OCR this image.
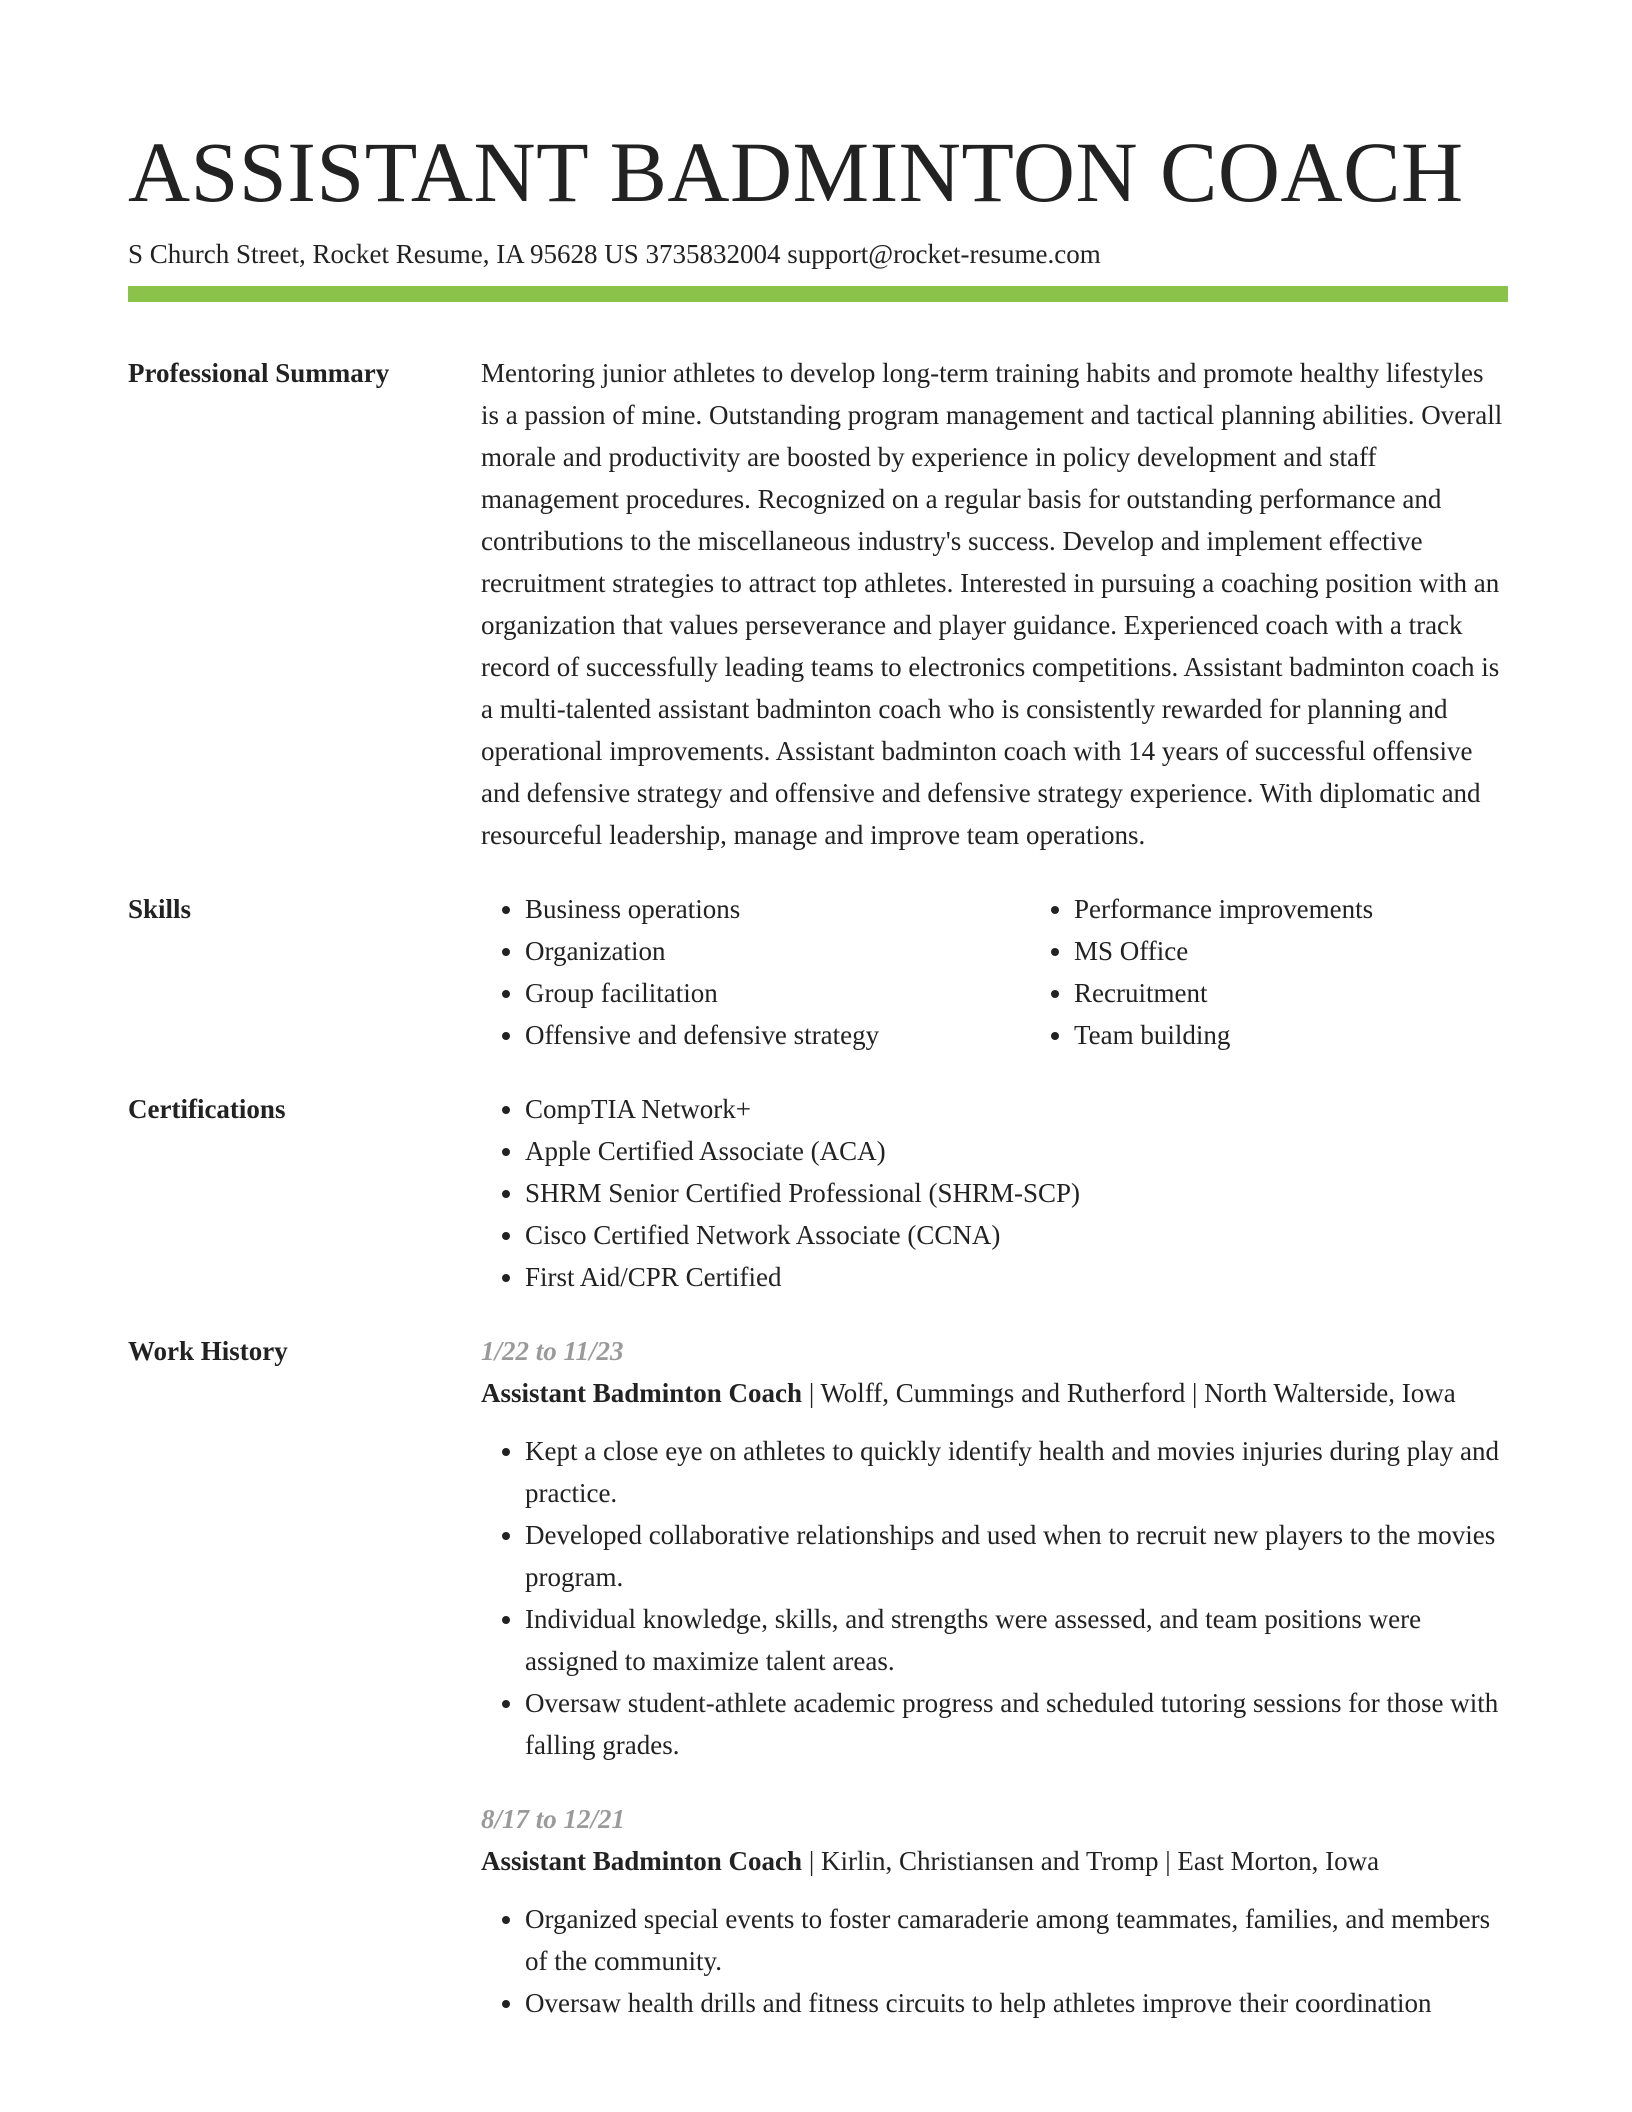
ASSISTANT BADMINTON COACH
S Church Street, Rocket Resume, IA 95628 US 3735832004 support@rocket-resume.com
Professional Summary	Mentoring junior athletes to develop long-term training habits and promote healthy lifestyles is a passion of mine. Outstanding program management and tactical planning abilities. Overall morale and productivity are boosted by experience in policy development and staff management procedures. Recognized on a regular basis for outstanding performance and contributions to the miscellaneous industry's success. Develop and implement effective recruitment strategies to attract top athletes. Interested in pursuing a coaching position with an organization that values perseverance and player guidance. Experienced coach with a track record of successfully leading teams to electronics competitions. Assistant badminton coach is a multi-talented assistant badminton coach who is consistently rewarded for planning and operational improvements. Assistant badminton coach with 14 years of successful offensive and defensive strategy and offensive and defensive strategy experience. With diplomatic and resourceful leadership, manage and improve team operations.
Skills	• Business operations
• Organization
• Group facilitation
• Offensive and defensive strategy
• Performance improvements
• MS Office
• Recruitment
• Team building
Certifications	• CompTIA Network+
• Apple Certified Associate (ACA)
• SHRM Senior Certified Professional (SHRM-SCP)
• Cisco Certified Network Associate (CCNA)
• First Aid/CPR Certified
Work History	1/22 to 11/23
Assistant Badminton Coach | Wolff, Cummings and Rutherford | North Walterside, Iowa
• Kept a close eye on athletes to quickly identify health and movies injuries during play and practice.
• Developed collaborative relationships and used when to recruit new players to the movies program.
• Individual knowledge, skills, and strengths were assessed, and team positions were assigned to maximize talent areas.
• Oversaw student-athlete academic progress and scheduled tutoring sessions for those with falling grades.
8/17 to 12/21
Assistant Badminton Coach | Kirlin, Christiansen and Tromp | East Morton, Iowa
• Organized special events to foster camaraderie among teammates, families, and members of the community.
• Oversaw health drills and fitness circuits to help athletes improve their coordination
